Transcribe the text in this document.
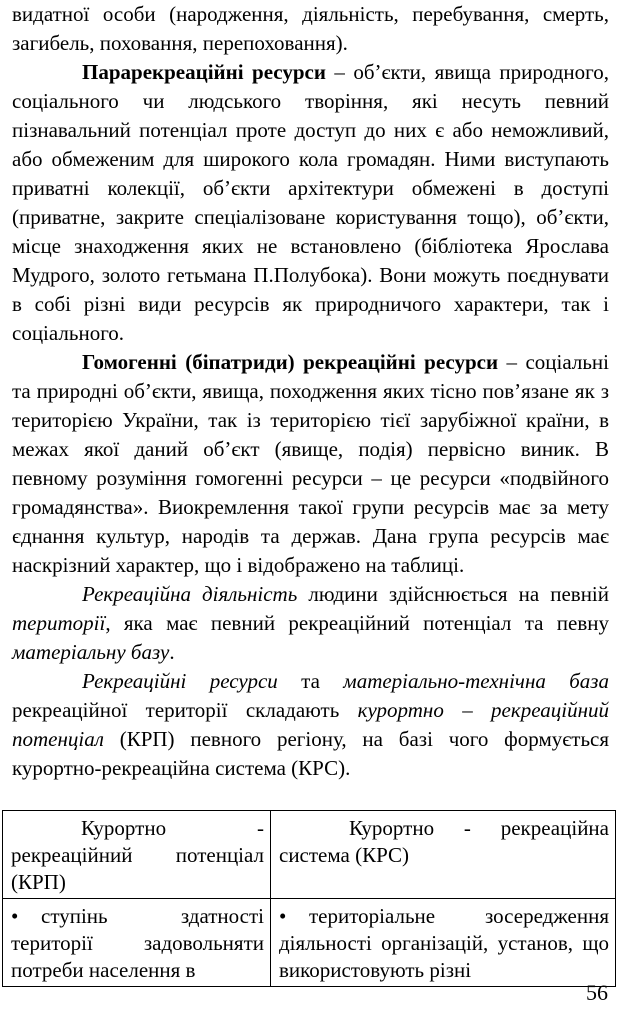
видатної особи (народження, діяльність, перебування, смерть, загибель, поховання, перепоховання).

Парарекреаційні ресурси – об’єкти, явища природного, соціального чи людського творіння, які несуть певний пізнавальний потенціал проте доступ до них є або неможливий, або обмеженим для широкого кола громадян. Ними виступають приватні колекції, об’єкти архітектури обмежені в доступі (приватне, закрите спеціалізоване користування тощо), об’єкти, місце знаходження яких не встановлено (бібліотека Ярослава Мудрого, золото гетьмана П.Полубока). Вони можуть поєднувати в собі різні види ресурсів як природничого характери, так і соціального.

Гомогенні (біпатриди) рекреаційні ресурси – соціальні та природні об’єкти, явища, походження яких тісно пов’язане як з територією України, так із територією тієї зарубіжної країни, в межах якої даний об’єкт (явище, подія) первісно виник. В певному розуміння гомогенні ресурси – це ресурси «подвійного громадянства». Виокремлення такої групи ресурсів має за мету єднання культур, народів та держав. Дана група ресурсів має наскрізний характер, що і відображено на таблиці.

Рекреаційна діяльність людини здійснюється на певній території, яка має певний рекреаційний потенціал та певну матеріальну базу.

Рекреаційні ресурси та матеріально-технічна база рекреаційної території складають курортно – рекреаційний потенціал (КРП) певного регіону, на базі чого формується курортно-рекреаційна система (КРС).

Курортно - рекреаційний потенціал (КРП)	Курортно - рекреаційна система (КРС)
• ступінь здатності території задовольняти потреби населення в	• територіальне зосередження діяльності організацій, установ, що використовують різні
56
